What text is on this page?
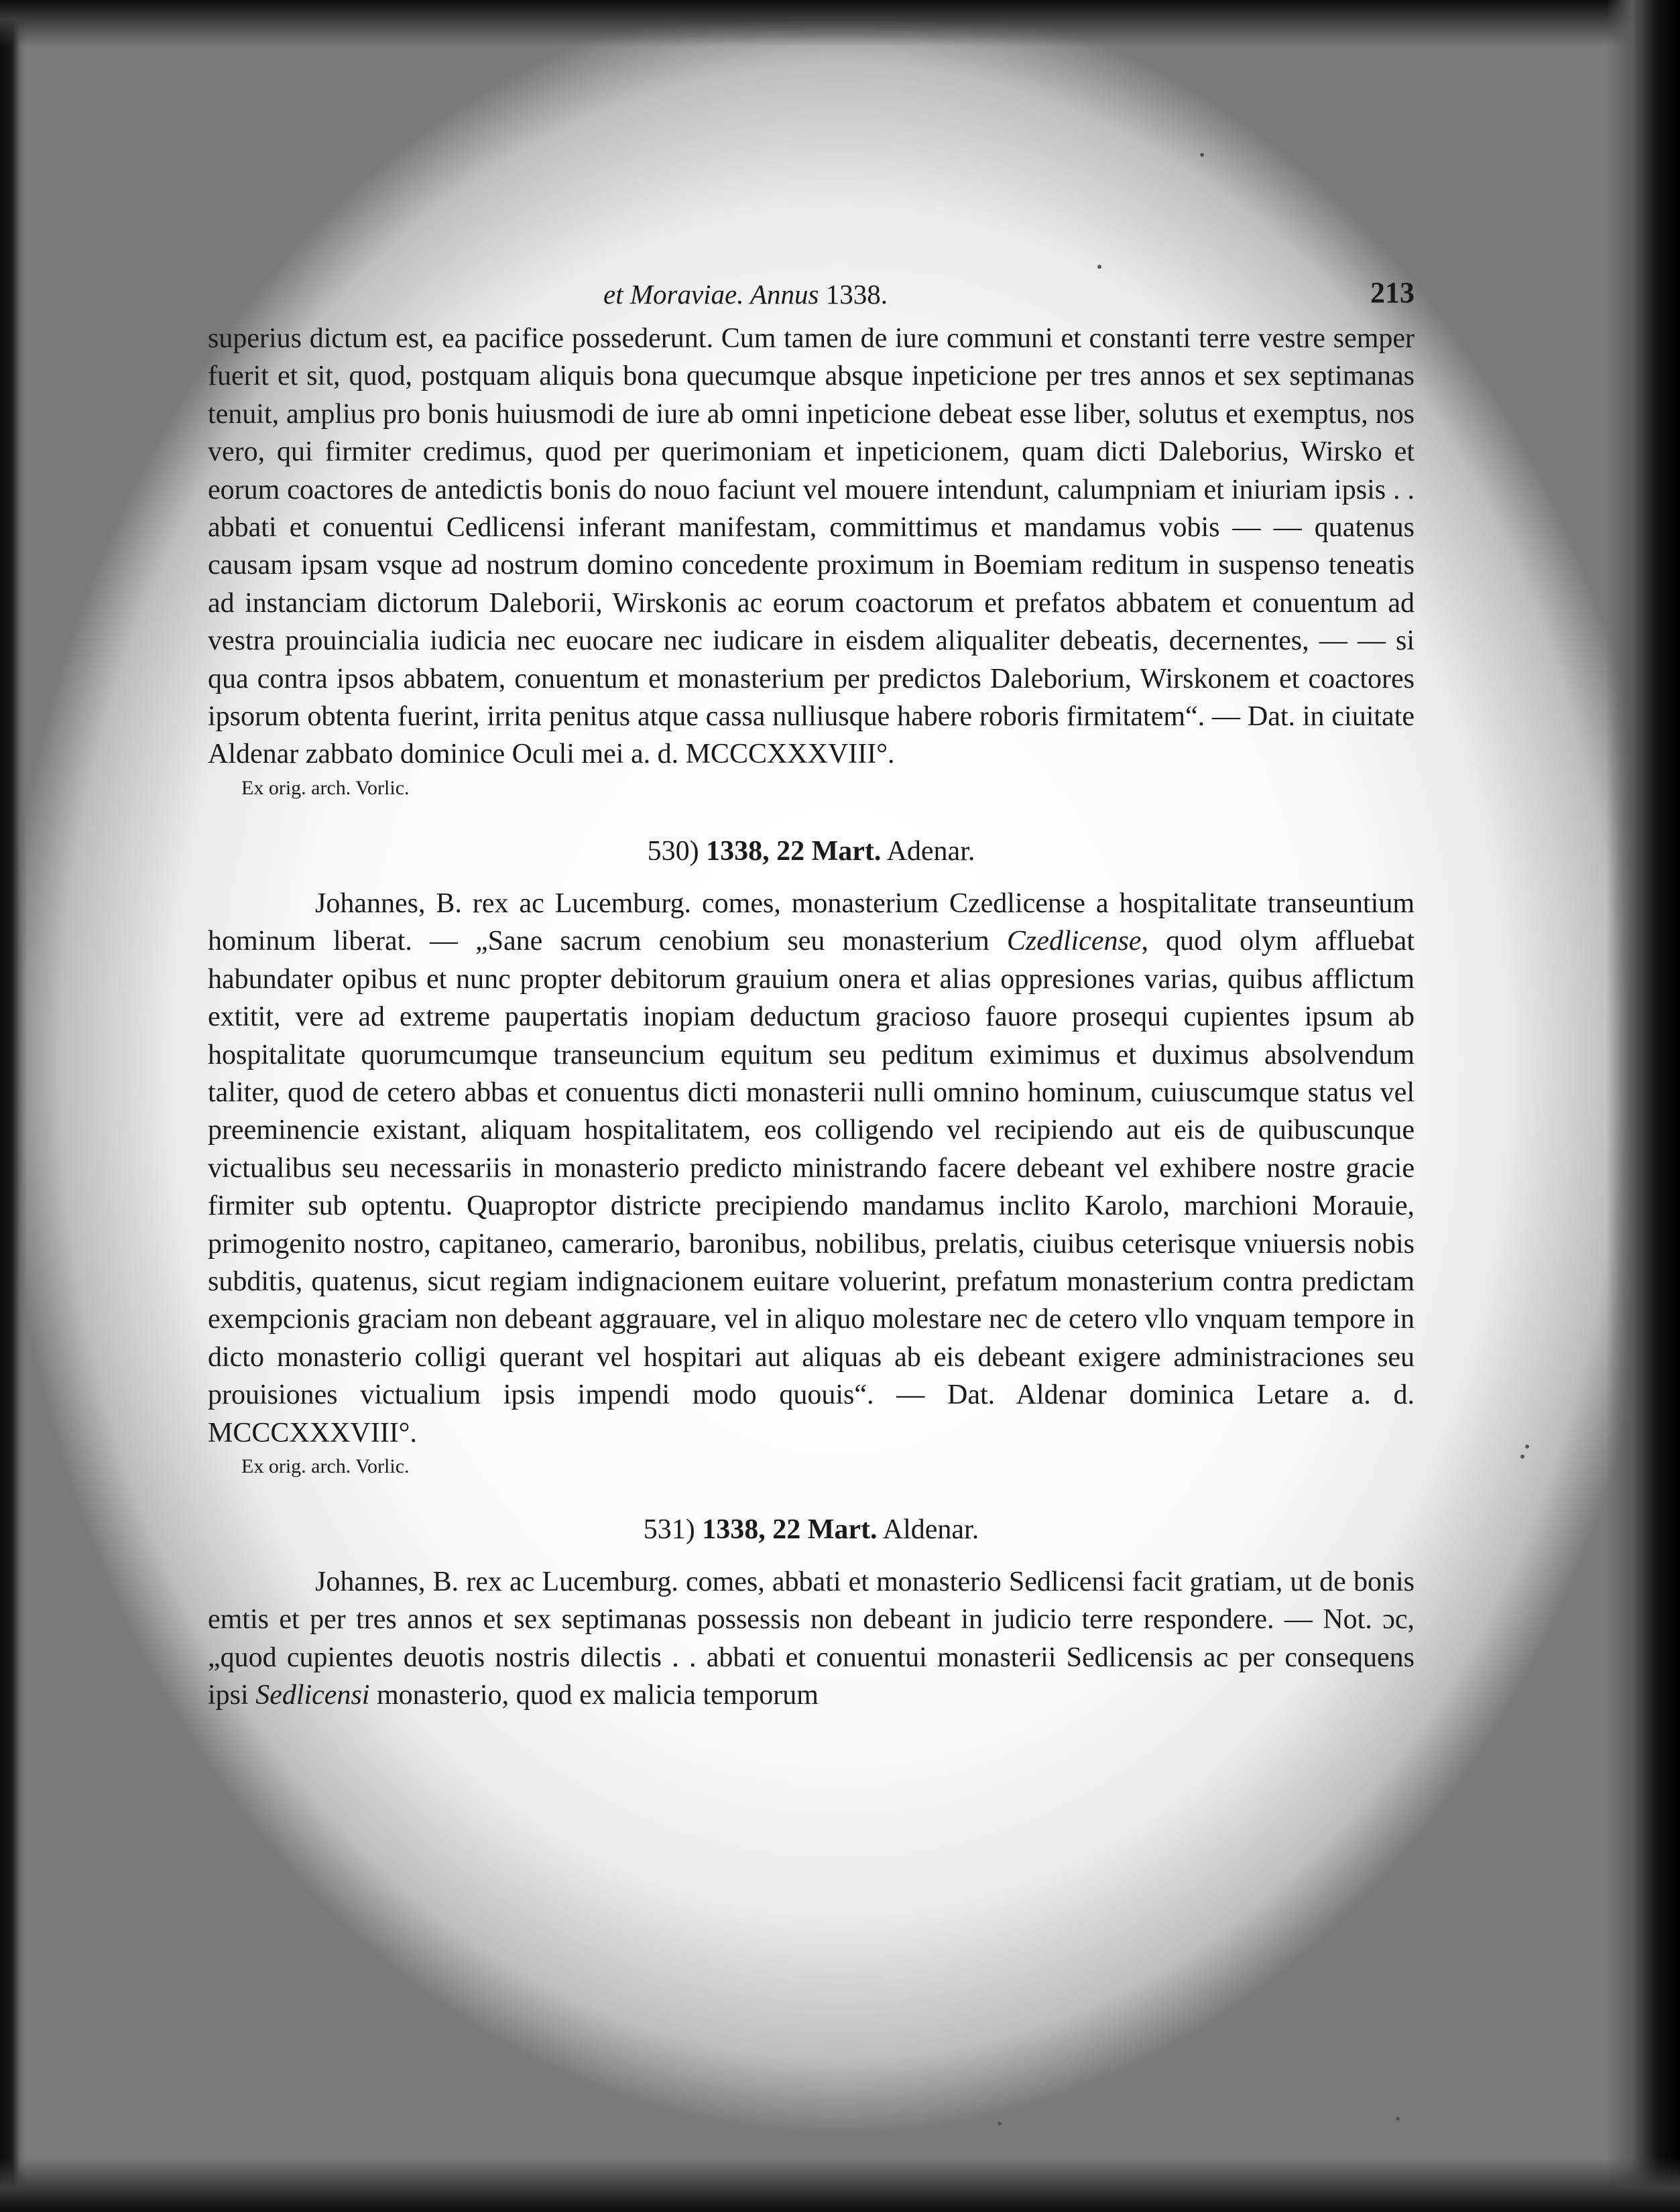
et Moraviae. Annus 1338.	213

superius dictum est, ea pacifice possederunt. Cum tamen de iure communi et constanti terre vestre semper fuerit et sit, quod, postquam aliquis bona quecumque absque inpeticione per tres annos et sex septimanas tenuit, amplius pro bonis huiusmodi de iure ab omni inpeticione debeat esse liber, solutus et exemptus, nos vero, qui firmiter credimus, quod per querimoniam et inpeticionem, quam dicti Daleborius, Wirsko et eorum coactores de antedictis bonis do nouo faciunt vel mouere intendunt, calumpniam et iniuriam ipsis . . abbati et conuentui Cedlicensi inferant manifestam, committimus et mandamus vobis — — quatenus causam ipsam vsque ad nostrum domino concedente proximum in Boemiam reditum in suspenso teneatis ad instanciam dictorum Daleborii, Wirskonis ac eorum coactorum et prefatos abbatem et conuentum ad vestra prouincialia iudicia nec euocare nec iudicare in eisdem aliqualiter debeatis, decernentes, — — si qua contra ipsos abbatem, conuentum et monasterium per predictos Daleborium, Wirskonem et coactores ipsorum obtenta fuerint, irrita penitus atque cassa nulliusque habere roboris firmitatem“. — Dat. in ciuitate Aldenar zabbato dominice Oculi mei a. d. MCCCXXXVIII°.

Ex orig. arch. Vorlic.
530) 1338, 22 Mart. Adenar.

Johannes, B. rex ac Lucemburg. comes, monasterium Czedlicense a hospitalitate transeuntium hominum liberat. — „Sane sacrum cenobium seu monasterium Czedlicense, quod olym affluebat habundater opibus et nunc propter debitorum grauium onera et alias oppresiones varias, quibus afflictum extitit, vere ad extreme paupertatis inopiam deductum gracioso fauore prosequi cupientes ipsum ab hospitalitate quorumcumque transeuncium equitum seu peditum eximimus et duximus absolvendum taliter, quod de cetero abbas et conuentus dicti monasterii nulli omnino hominum, cuiuscumque status vel preeminencie existant, aliquam hospitalitatem, eos colligendo vel recipiendo aut eis de quibuscunque victualibus seu necessariis in monasterio predicto ministrando facere debeant vel exhibere nostre gracie firmiter sub optentu. Quaproptor districte precipiendo mandamus inclito Karolo, marchioni Morauie, primogenito nostro, capitaneo, camerario, baronibus, nobilibus, prelatis, ciuibus ceterisque vniuersis nobis subditis, quatenus, sicut regiam indignacionem euitare voluerint, prefatum monasterium contra predictam exempcionis graciam non debeant aggrauare, vel in aliquo molestare nec de cetero vllo vnquam tempore in dicto monasterio colligi querant vel hospitari aut aliquas ab eis debeant exigere administraciones seu prouisiones victualium ipsis impendi modo quouis“. — Dat. Aldenar dominica Letare a. d. MCCCXXXVIII°.

Ex orig. arch. Vorlic.
531) 1338, 22 Mart. Aldenar.

Johannes, B. rex ac Lucemburg. comes, abbati et monasterio Sedlicensi facit gratiam, ut de bonis emtis et per tres annos et sex septimanas possessis non debeant in judicio terre respondere. — Not. ɔc, „quod cupientes deuotis nostris dilectis . . abbati et conuentui monasterii Sedlicensis ac per consequens ipsi Sedlicensi monasterio, quod ex malicia temporum
